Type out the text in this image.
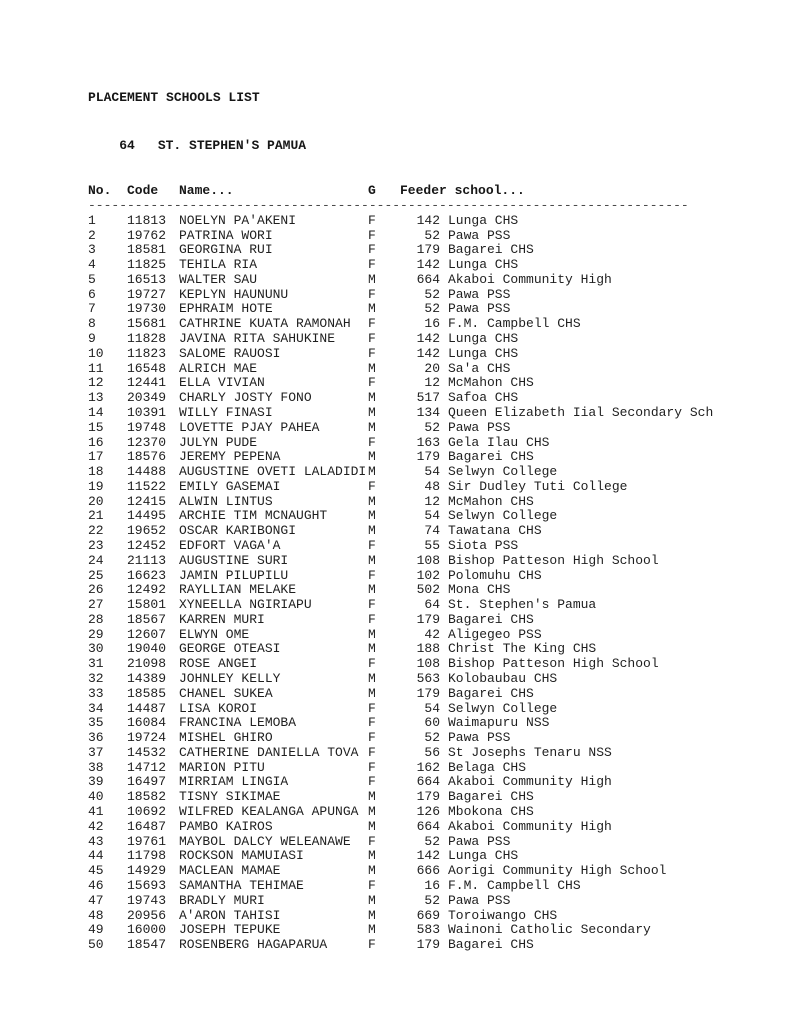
PLACEMENT SCHOOLS LIST

64 ST. STEPHEN'S PAMUA

No.	Code	Name...	G	Feeder school...
-----------------------------------------------------------------------------
1	11813 NOELYN PA'AKENI	F	142 Lunga CHS
2	19762 PATRINA WORI	F	52 Pawa PSS
3	18581 GEORGINA RUI	F	179 Bagarei CHS
4	11825 TEHILA RIA	F	142 Lunga CHS
5	16513 WALTER SAU	M	664 Akaboi Community High
6	19727 KEPLYN HAUNUNU	F	52 Pawa PSS
7	19730 EPHRAIM HOTE	M	52 Pawa PSS
8	15681 CATHRINE KUATA RAMONAH	F	16 F.M. Campbell CHS
9	11828 JAVINA RITA SAHUKINE	F	142 Lunga CHS
10	11823 SALOME RAUOSI	F	142 Lunga CHS
11	16548 ALRICH MAE	M	20 Sa'a CHS
12	12441 ELLA VIVIAN	F	12 McMahon CHS
13	20349 CHARLY JOSTY FONO	M	517 Safoa CHS
14	10391 WILLY FINASI	M	134 Queen Elizabeth Iial Secondary Sch
15	19748 LOVETTE PJAY PAHEA	M	52 Pawa PSS
16	12370 JULYN PUDE	F	163 Gela Ilau CHS
17	18576 JEREMY PEPENA	M	179 Bagarei CHS
18	14488 AUGUSTINE OVETI LALADIDI M	54 Selwyn College
19	11522 EMILY GASEMAI	F	48 Sir Dudley Tuti College
20	12415 ALWIN LINTUS	M	12 McMahon CHS
21	14495 ARCHIE TIM MCNAUGHT	M	54 Selwyn College
22	19652 OSCAR KARIBONGI	M	74 Tawatana CHS
23	12452 EDFORT VAGA'A	F	55 Siota PSS
24	21113 AUGUSTINE SURI	M	108 Bishop Patteson High School
25	16623 JAMIN PILUPILU	F	102 Polomuhu CHS
26	12492 RAYLLIAN MELAKE	M	502 Mona CHS
27	15801 XYNEELLA NGIRIAPU	F	64 St. Stephen's Pamua
28	18567 KARREN MURI	F	179 Bagarei CHS
29	12607 ELWYN OME	M	42 Aligegeo PSS
30	19040 GEORGE OTEASI	M	188 Christ The King CHS
31	21098 ROSE ANGEI	F	108 Bishop Patteson High School
32	14389 JOHNLEY KELLY	M	563 Kolobaubau CHS
33	18585 CHANEL SUKEA	M	179 Bagarei CHS
34	14487 LISA KOROI	F	54 Selwyn College
35	16084 FRANCINA LEMOBA	F	60 Waimapuru NSS
36	19724 MISHEL GHIRO	F	52 Pawa PSS
37	14532 CATHERINE DANIELLA TOVA F	56 St Josephs Tenaru NSS
38	14712 MARION PITU	F	162 Belaga CHS
39	16497 MIRRIAM LINGIA	F	664 Akaboi Community High
40	18582 TISNY SIKIMAE	M	179 Bagarei CHS
41	10692 WILFRED KEALANGA APUNGA M	126 Mbokona CHS
42	16487 PAMBO KAIROS	M	664 Akaboi Community High
43	19761 MAYBOL DALCY WELEANAWE	F	52 Pawa PSS
44	11798 ROCKSON MAMUIASI	M	142 Lunga CHS
45	14929 MACLEAN MAMAE	M	666 Aorigi Community High School
46	15693 SAMANTHA TEHIMAE	F	16 F.M. Campbell CHS
47	19743 BRADLY MURI	M	52 Pawa PSS
48	20956 A'ARON TAHISI	M	669 Toroiwango CHS
49	16000 JOSEPH TEPUKE	M	583 Wainoni Catholic Secondary
50	18547 ROSENBERG HAGAPARUA	F	179 Bagarei CHS
